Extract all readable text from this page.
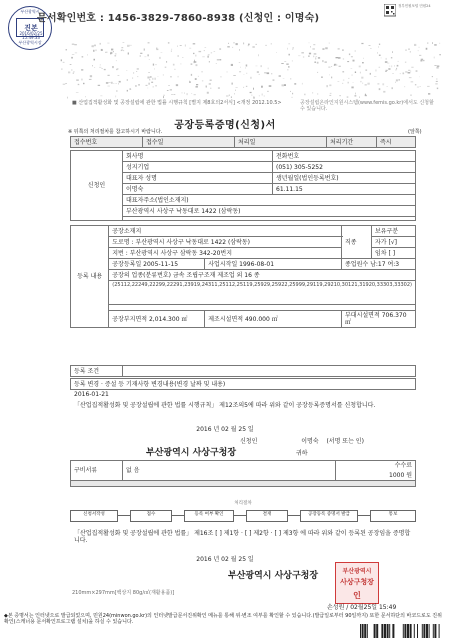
부산광역시
진본
2016/02/25
15:49:33
부산광역시장
문서확인번호 : 1456-3829-7860-8938 (신청인 : 이명숙)
정부민원포털 민원24
■ 산업집적활성화 및 공장설립에 관한 법률 시행규칙 [별지 제8호의2서식] <개정 2012.10.5>	공장설립온라인지원시스템(www.femis.go.kr)에서도 신청할 수 있습니다.
공장등록증명(신청)서
※ 뒤쪽의 처리절차를 참고하시기 바랍니다.	(앞쪽)
접수번호	접수일	처리일	처리기간	즉시
신청인	회사명	전화번호
	성지기업	(051) 305-5252
	대표자 성명	생년월일(법인등록번호)
	이명숙	61.11.15
	대표자주소(법인소재지)	
	부산광역시 사상구 낙동대로 1422 (삼락동)	

등록 내용	공장소재지		직종	보유구분
	도로명 : 부산광역시 사상구 낙동대로 1422 (삼락동)			자가 [√]
	지번 : 부산광역시 사상구 삼락동 342-20번지			임차 [ ]
	공장등록일 2005-11-15	사업시작일 1996-08-01	종업원수 남:17 여:3	
	공장의 업종(분류번호) 금속 조립구조재 제조업 외 16 종			
	(25112,22249,22299,22291,23919,24311,25112,25119,25929,25922,25999,29119,29210,30121,31920,33303,33302)			

	공장부지면적 2,014.300 ㎡	제조시설면적 490.000 ㎡	부대시설면적 706.370 ㎡	
등록 조건	
등록 변경 · 증설 등 기재사항 변경내용(변경 날짜 및 내용)
2016-01-21
「산업집적활성화 및 공장설립에 관한 법률 시행규칙」 제12조의5에 따라 위와 같이 공장등록증명서를 신청합니다.
2016 년 02 월 25 일
신청인	이명숙 (서명 또는 인)
부산광역시 사상구청장	귀하
구비서류	없 음	
수수료
1000 원

처리절차
신청서작성	접수	등록 여부 확인	결재	공장등록 증명서 발급	통보
「산업집적활성화 및 공장설립에 관한 법률」 제16조 [ ] 제1항 · [ ] 제2항 · [ ] 제3항 에 따라 위와 같이 등록된 공장임을 증명합니다.
2016 년 02 월 25 일
부산광역시 사상구청장	부산광역시
사상구청장
인
210mm×297mm[백상지 80g/㎡(재활용품)]
손성원 / 02월25일 15:49
◆본 증명서는 인터넷으로 발급되었으며, 민원24(minwon.go.kr)의 인터넷발급문서진위확인 메뉴를 통해 위·변조 여부를 확인할 수 있습니다.(발급일로부터 90일까지) 또한 문서하단의 바코드로도 진위확인(스캐너용 문서확인프로그램 설치)을 하실 수 있습니다.
